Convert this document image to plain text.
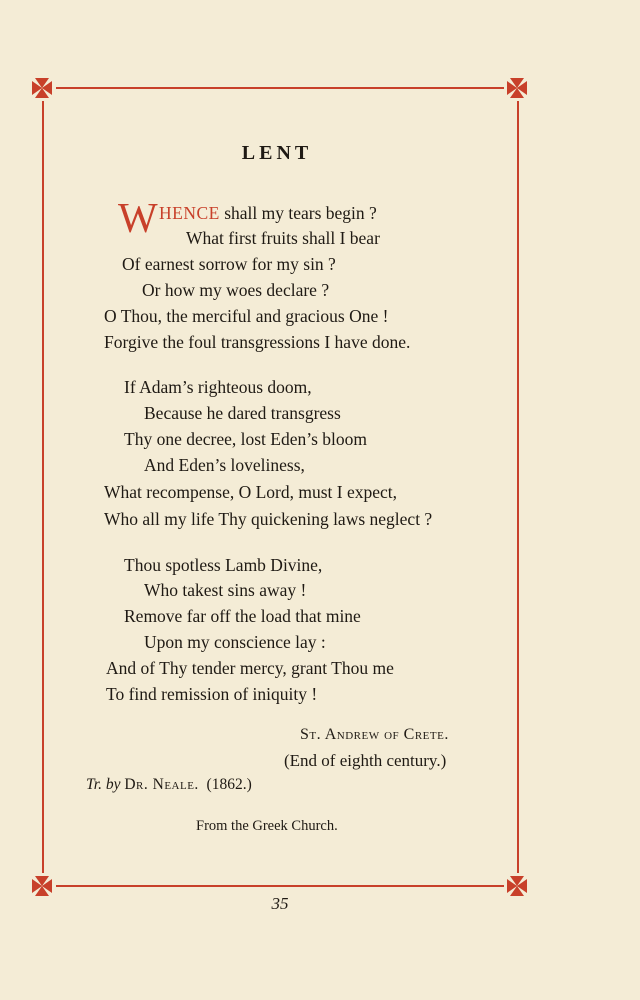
LENT
W HENCE shall my tears begin ?
What first fruits shall I bear
Of earnest sorrow for my sin ?
Or how my woes declare ?
O Thou, the merciful and gracious One !
Forgive the foul transgressions I have done.
If Adam’s righteous doom,
Because he dared transgress
Thy one decree, lost Eden’s bloom
And Eden’s loveliness,
What recompense, O Lord, must I expect,
Who all my life Thy quickening laws neglect ?
Thou spotless Lamb Divine,
Who takest sins away !
Remove far off the load that mine
Upon my conscience lay :
And of Thy tender mercy, grant Thou me
To find remission of iniquity !
St. Andrew of Crete.
(End of eighth century.)
Tr. by Dr. Neale. (1862.)
From the Greek Church.
35
